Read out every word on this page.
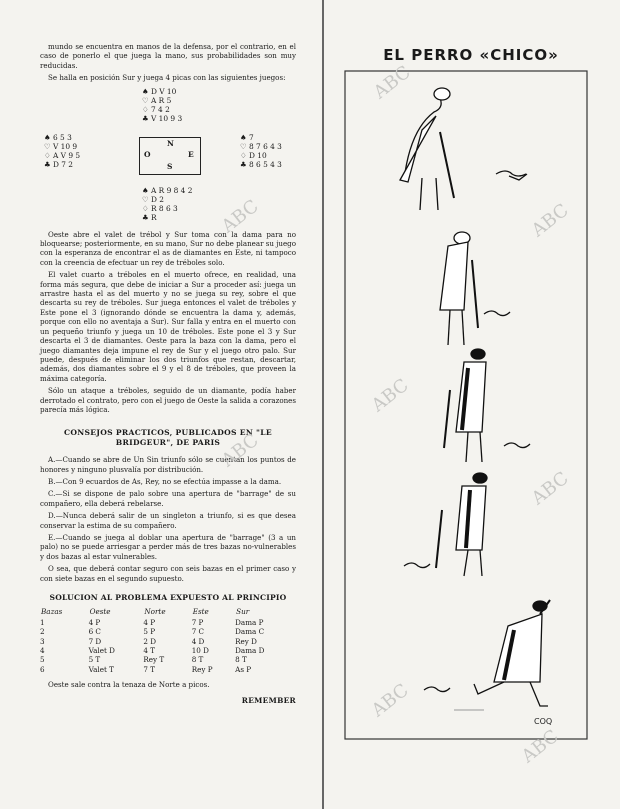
mundo se encuentra en manos de la defensa, por el contrario, en el caso de ponerlo el que juega la mano, sus probabilidades son muy reducidas.

Se halla en posición Sur y juega 4 picas con las siguientes juegos:

♠ D V 10
♡ A R 5
♢ 7 4 2
♣ V 10 9 3
♠ 6 5 3
♡ V 10 9
♢ A V 9 5
♣ D 7 2
N
O	E
S
♠ 7
♡ 8 7 6 4 3
♢ D 10
♣ 8 6 5 4 3
♠ A R 9 8 4 2
♡ D 2
♢ R 8 6 3
♣ R

Oeste abre el valet de trébol y Sur toma con la dama para no bloquearse; posteriormente, en su mano, Sur no debe planear su juego con la esperanza de encontrar el as de diamantes en Este, ni tampoco con la creencia de efectuar un rey de tréboles solo.

El valet cuarto a tréboles en el muerto ofrece, en realidad, una forma más segura, que debe de iniciar a Sur a proceder así: juega un arrastre hasta el as del muerto y no se juega su rey, sobre el que descarta su rey de tréboles. Sur juega entonces el valet de tréboles y Este pone el 3 (ignorando dónde se encuentra la dama y, además, porque con ello no aventaja a Sur). Sur falla y entra en el muerto con un pequeño triunfo y juega un 10 de tréboles. Este pone el 3 y Sur descarta el 3 de diamantes. Oeste para la baza con la dama, pero el juego diamantes deja impune el rey de Sur y el juego otro palo. Sur puede, después de eliminar los dos triunfos que restan, descartar, además, dos diamantes sobre el 9 y el 8 de tréboles, que proveen la máxima categoría.

Sólo un ataque a tréboles, seguido de un diamante, podía haber derrotado el contrato, pero con el juego de Oeste la salida a corazones parecía más lógica.

CONSEJOS PRACTICOS, PUBLICADOS EN "LE BRIDGEUR", DE PARIS

A.—Cuando se abre de Un Sin triunfo sólo se cuentan los puntos de honores y ninguno plusvalía por distribución.

B.—Con 9 ecuardos de As, Rey, no se efectúa impasse a la dama.

C.—Si se dispone de palo sobre una apertura de "barrage" de su compañero, ella deberá rebelarse.

D.—Nunca deberá salir de un singleton a triunfo, si es que desea conservar la estima de su compañero.

E.—Cuando se juega al doblar una apertura de "barrage" (3 a un palo) no se puede arriesgar a perder más de tres bazas no-vulnerables y dos bazas al estar vulnerables.

O sea, que deberá contar seguro con seis bazas en el primer caso y con siete bazas en el segundo supuesto.

SOLUCION AL PROBLEMA EXPUESTO AL PRINCIPIO
Bazas	Oeste	Norte	Este	Sur
1	4 P	4 P	7 P	Dama P
2	6 C	5 P	7 C	Dama C
3	7 D	2 D	4 D	Rey D
4	Valet D	4 T	10 D	Dama D
5	5 T	Rey T	8 T	8 T
6	Valet T	7 T	Rey P	As P

Oeste sale contra la tenaza de Norte a picos.

REMEMBER
EL PERRO «CHICO»
COQ
ABC
ABC	ABC
ABC
ABC
ABC
ABC
ABC
